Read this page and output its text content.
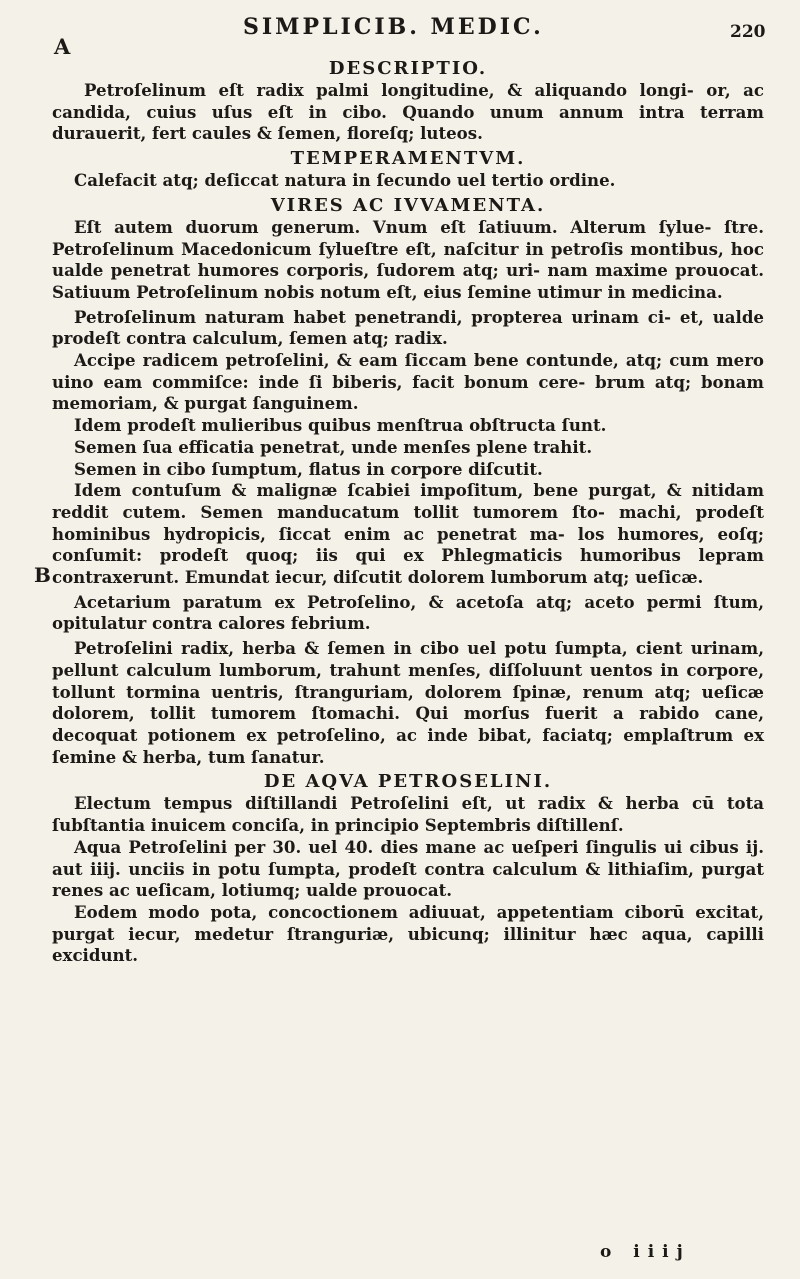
SIMPLICIB. MEDIC.	220
A
B
DESCRIPTIO.

Petroſelinum eſt radix palmi longitudine, & aliquando longi- or, ac candida, cuius uſus eſt in cibo. Quando unum annum intra terram durauerit, fert caules & ſemen, floreſq; luteos.

TEMPERAMENTVM.

Calefacit atq; deſiccat natura in ſecundo uel tertio ordine.

VIRES AC IVVAMENTA.

Eſt autem duorum generum. Vnum eſt ſatiuum. Alterum ſylue- ſtre. Petroſelinum Macedonicum ſylueſtre eſt, naſcitur in petroſis montibus, hoc ualde penetrat humores corporis, ſudorem atq; uri- nam maxime prouocat. Satiuum Petroſelinum nobis notum eſt, eius ſemine utimur in medicina.

Petroſelinum naturam habet penetrandi, propterea urinam ci- et, ualde prodeſt contra calculum, ſemen atq; radix.

Accipe radicem petroſelini, & eam ſiccam bene contunde, atq; cum mero uino eam commiſce: inde ſi biberis, facit bonum cere- brum atq; bonam memoriam, & purgat ſanguinem.

Idem prodeſt mulieribus quibus menſtrua obſtructa ſunt.

Semen ſua efficatia penetrat, unde menſes plene trahit.

Semen in cibo ſumptum, flatus in corpore diſcutit.

Idem contuſum & malignæ ſcabiei impoſitum, bene purgat, & nitidam reddit cutem. Semen manducatum tollit tumorem ſto- machi, prodeſt hominibus hydropicis, ſiccat enim ac penetrat ma- los humores, eoſq; conſumit: prodeſt quoq; iis qui ex Phlegmaticis humoribus lepram contraxerunt. Emundat iecur, diſcutit dolorem lumborum atq; ueſicæ.

Acetarium paratum ex Petroſelino, & acetoſa atq; aceto permi ſtum, opitulatur contra calores febrium.

Petroſelini radix, herba & ſemen in cibo uel potu ſumpta, cient urinam, pellunt calculum lumborum, trahunt menſes, diſſoluunt uentos in corpore, tollunt tormina uentris, ſtranguriam, dolorem ſpinæ, renum atq; ueſicæ dolorem, tollit tumorem ſtomachi. Qui morſus fuerit a rabido cane, decoquat potionem ex petroſelino, ac inde bibat, faciatq; emplaſtrum ex ſemine & herba, tum ſanatur.

DE AQVA PETROSELINI.

Electum tempus diſtillandi Petroſelini eſt, ut radix & herba cū tota ſubſtantia inuicem conciſa, in principio Septembris diſtillenſ.

Aqua Petroſelini per 30. uel 40. dies mane ac ueſperi ſingulis ui cibus ij. aut iiij. unciis in potu ſumpta, prodeſt contra calculum & lithiaſim, purgat renes ac ueſicam, lotiumq; ualde prouocat.

Eodem modo pota, concoctionem adiuuat, appetentiam ciborū excitat, purgat iecur, medetur ſtranguriæ, ubicunq; illinitur hæc aqua, capilli excidunt.

o iiij
